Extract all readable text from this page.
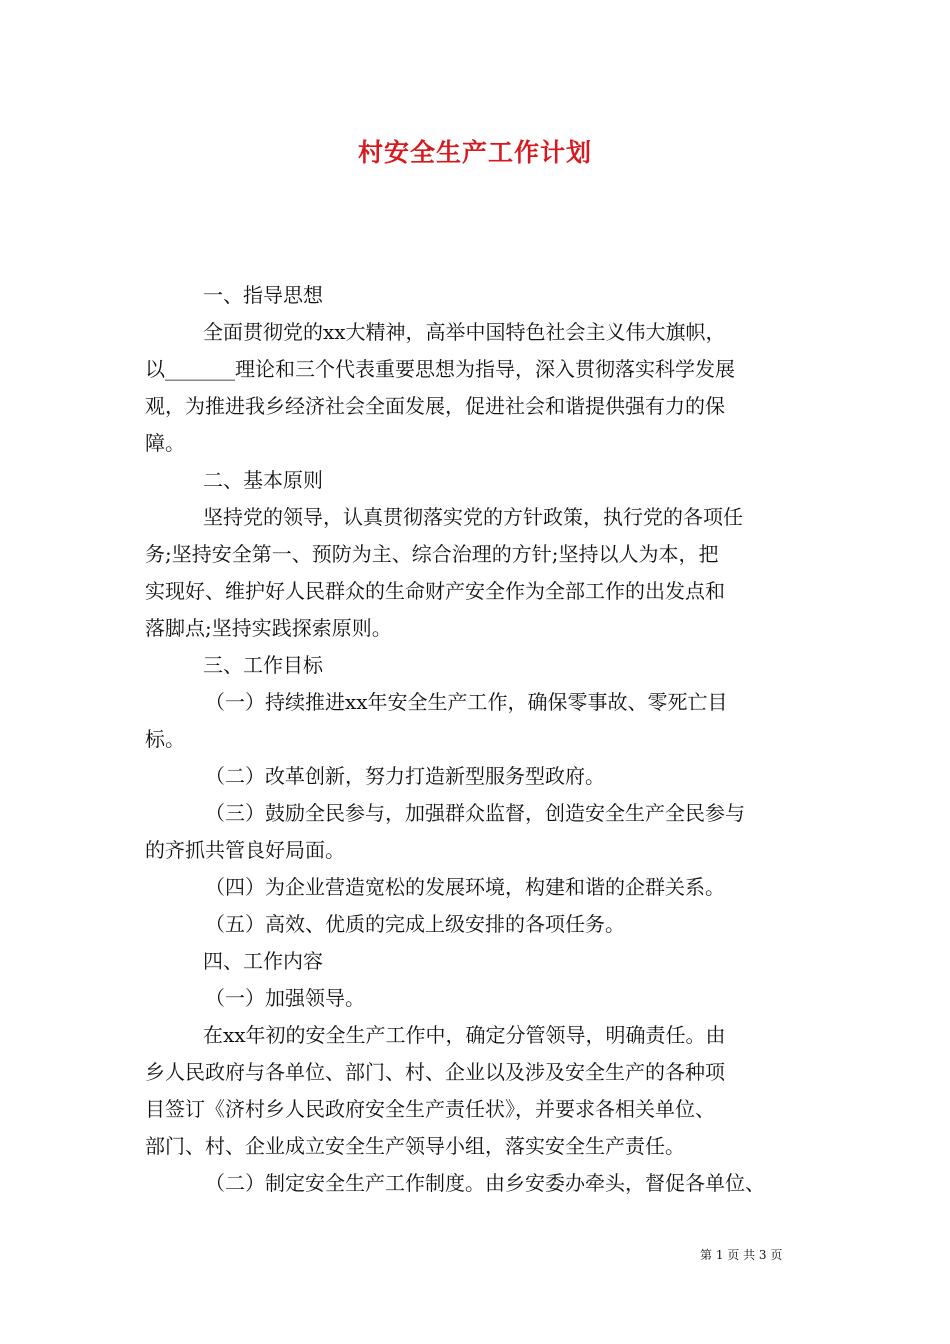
村安全生产工作计划
一、指导思想
全面贯彻党的xx大精神，高举中国特色社会主义伟大旗帜，
以_______理论和三个代表重要思想为指导，深入贯彻落实科学发展
观，为推进我乡经济社会全面发展，促进社会和谐提供强有力的保
障。
二、基本原则
坚持党的领导，认真贯彻落实党的方针政策，执行党的各项任
务;坚持安全第一、预防为主、综合治理的方针;坚持以人为本，把
实现好、维护好人民群众的生命财产安全作为全部工作的出发点和
落脚点;坚持实践探索原则。
三、工作目标
（一）持续推进xx年安全生产工作，确保零事故、零死亡目
标。
（二）改革创新，努力打造新型服务型政府。
（三）鼓励全民参与，加强群众监督，创造安全生产全民参与
的齐抓共管良好局面。
（四）为企业营造宽松的发展环境，构建和谐的企群关系。
（五）高效、优质的完成上级安排的各项任务。
四、工作内容
（一）加强领导。
在xx年初的安全生产工作中，确定分管领导，明确责任。由
乡人民政府与各单位、部门、村、企业以及涉及安全生产的各种项
目签订《济村乡人民政府安全生产责任状》，并要求各相关单位、
部门、村、企业成立安全生产领导小组，落实安全生产责任。
（二）制定安全生产工作制度。由乡安委办牵头，督促各单位、
第 1 页 共 3 页
